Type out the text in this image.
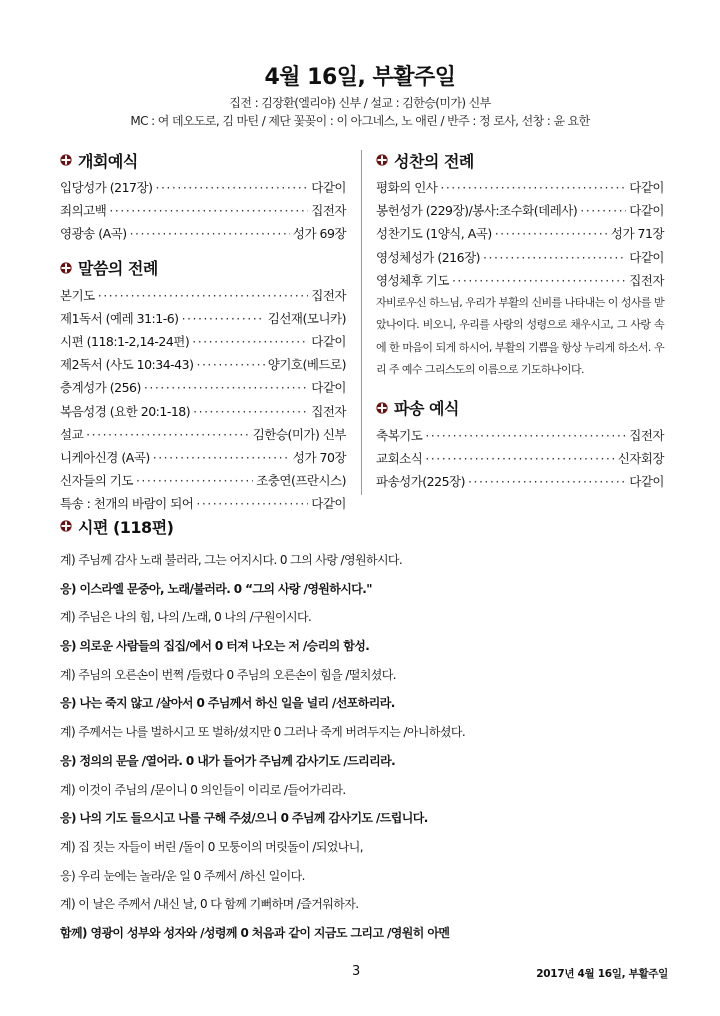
4월 16일, 부활주일
집전 : 김장환(엘리야) 신부 / 설교 : 김한승(미가) 신부
MC : 여 데오도로, 김 마틴 / 제단 꽃꽂이 : 이 아그네스, 노 애린 / 반주 : 정 로사, 선창 : 윤 요한
개회예식
입당성가 (217장) ·····	다같이
죄의고백 ·····	집전자
영광송 (A곡) ·····	성가 69장
말씀의 전례
본기도 ·····	집전자
제1독서 (예레 31:1-6) ·····	김선재(모니카)
시편 (118:1-2,14-24편) ·····	다같이
제2독서 (사도 10:34-43) ·····	양기호(베드로)
층계성가 (256) ·····	다같이
복음성경 (요한 20:1-18) ·····	집전자
설교 ·····	김한승(미가) 신부
니케아신경 (A곡) ·····	성가 70장
신자들의 기도 ·····	조충연(프란시스)
특송 : 천개의 바람이 되어 ·····	다같이
성찬의 전례
평화의 인사 ·····	다같이
봉헌성가 (229장)/봉사:조수화(데레사) ·····	다같이
성찬기도 (1양식, A곡) ·····	성가 71장
영성체성가 (216장) ·····	다같이
영성체후 기도 ·····	집전자
자비로우신 하느님, 우리가 부활의 신비를 나타내는 이 성사를 받았나이다. 비오니, 우리를 사랑의 성령으로 채우시고, 그 사랑 속에 한 마음이 되게 하시어, 부활의 기쁨을 항상 누리게 하소서. 우리 주 예수 그리스도의 이름으로 기도하나이다.
파송 예식
축복기도 ·····	집전자
교회소식 ·····	신자회장
파송성가(225장) ·····	다같이
시편 (118편)
계) 주님께 감사 노래 불러라, 그는 어지시다. 0 그의 사랑 /영원하시다.
응) 이스라엘 문중아, 노래/불러라. 0 “그의 사랑 /영원하시다."
계) 주님은 나의 힘, 나의 /노래, 0 나의 /구원이시다.
응) 의로운 사람들의 집집/에서 0 터져 나오는 저 /승리의 함성.
계) 주님의 오른손이 번쩍 /들렸다 0 주님의 오른손이 힘을 /떨치셨다.
응) 나는 죽지 않고 /살아서 0 주님께서 하신 일을 널리 /선포하리라.
계) 주께서는 나를 벌하시고 또 벌하/셨지만 0 그러나 죽게 버려두지는 /아니하셨다.
응) 정의의 문을 /열어라. 0 내가 들어가 주님께 감사기도 /드리리라.
계) 이것이 주님의 /문이니 0 의인들이 이리로 /들어가리라.
응) 나의 기도 들으시고 나를 구해 주셨/으니 0 주님께 감사기도 /드립니다.
계) 집 짓는 자들이 버린 /돌이 0 모퉁이의 머릿돌이 /되었나니,
응) 우리 눈에는 놀라/운 일 0 주께서 /하신 일이다.
계) 이 날은 주께서 /내신 날, 0 다 함께 기뻐하며 /즐거워하자.
함께) 영광이 성부와 성자와 /성령께 0 처음과 같이 지금도 그리고 /영원히 아멘
3	2017년 4월 16일, 부활주일
